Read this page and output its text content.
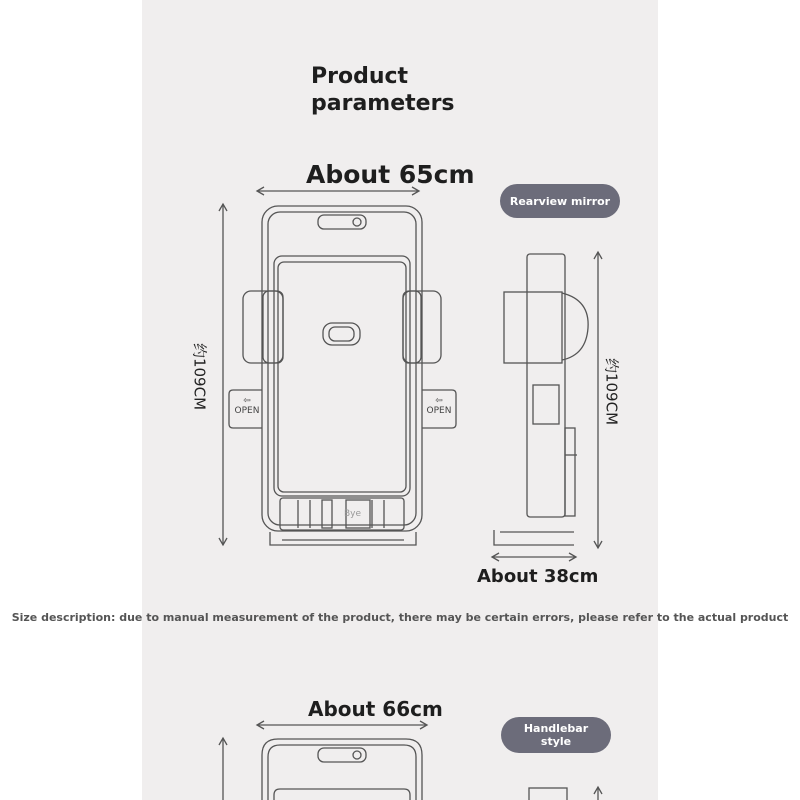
Product
parameters
About 65cm
Rearview mirror
约109CM	约109CM
⇦
OPEN
⇦
OPEN
Bye
About 38cm
Size description: due to manual measurement of the product, there may be certain errors, please refer to the actual product
About 66cm
Handlebar
style
